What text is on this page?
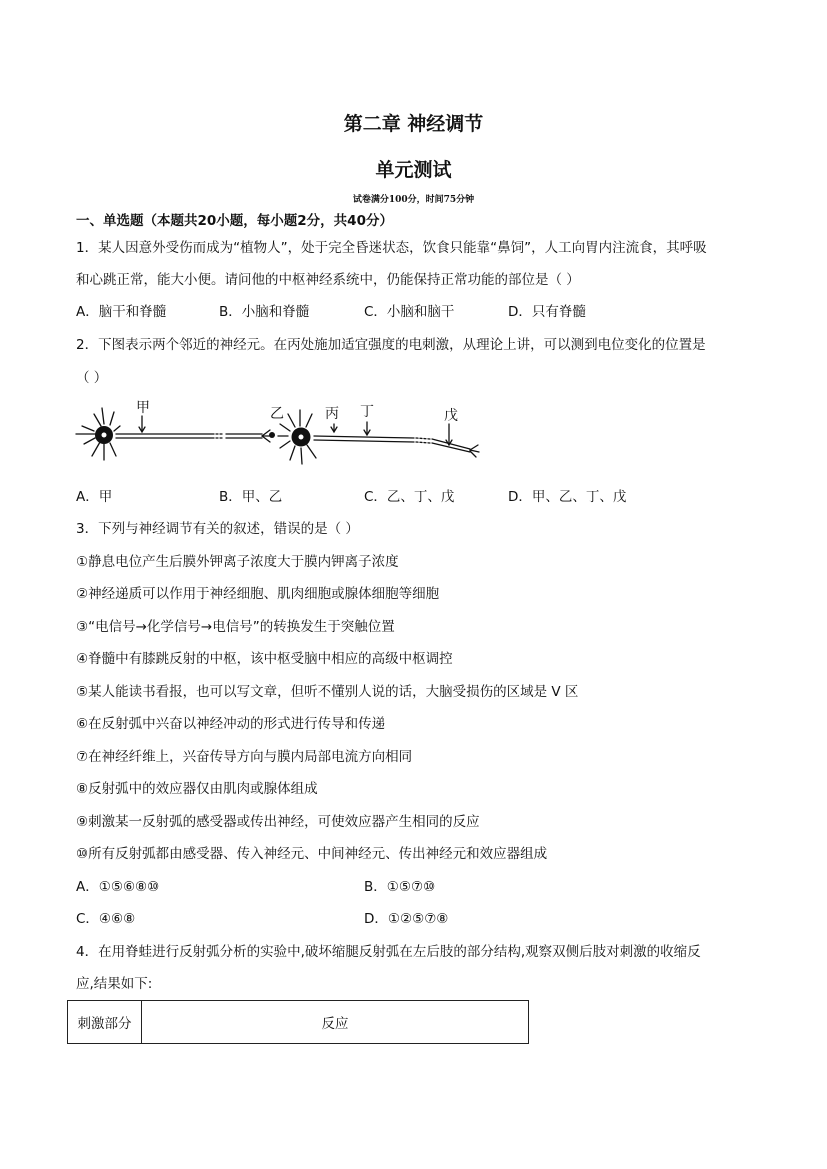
第二章 神经调节
单元测试
试卷满分100分，时间75分钟
一、单选题（本题共20小题，每小题2分，共40分）
1．某人因意外受伤而成为“植物人”，处于完全昏迷状态，饮食只能靠“鼻饲”，人工向胃内注流食，其呼吸
和心跳正常，能大小便。请问他的中枢神经系统中，仍能保持正常功能的部位是（ ）
A．脑干和脊髓	B．小脑和脊髓	C．小脑和脑干	D．只有脊髓
2．下图表示两个邻近的神经元。在丙处施加适宜强度的电刺激，从理论上讲，可以测到电位变化的位置是
（ ）
甲	乙	丙 丁	戊
A．甲	B．甲、乙	C．乙、丁、戊	D．甲、乙、丁、戊
3．下列与神经调节有关的叙述，错误的是（ ）
①静息电位产生后膜外钾离子浓度大于膜内钾离子浓度
②神经递质可以作用于神经细胞、肌肉细胞或腺体细胞等细胞
③“电信号→化学信号→电信号”的转换发生于突触位置
④脊髓中有膝跳反射的中枢，该中枢受脑中相应的高级中枢调控
⑤某人能读书看报，也可以写文章，但听不懂别人说的话，大脑受损伤的区域是 V 区
⑥在反射弧中兴奋以神经冲动的形式进行传导和传递
⑦在神经纤维上，兴奋传导方向与膜内局部电流方向相同
⑧反射弧中的效应器仅由肌肉或腺体组成
⑨刺激某一反射弧的感受器或传出神经，可使效应器产生相同的反应
⑩所有反射弧都由感受器、传入神经元、中间神经元、传出神经元和效应器组成
A．①⑤⑥⑧⑩	B．①⑤⑦⑩
C．④⑥⑧	D．①②⑤⑦⑧
4．在用脊蛙进行反射弧分析的实验中,破坏缩腿反射弧在左后肢的部分结构,观察双侧后肢对刺激的收缩反
应,结果如下:
刺激部分	反应
